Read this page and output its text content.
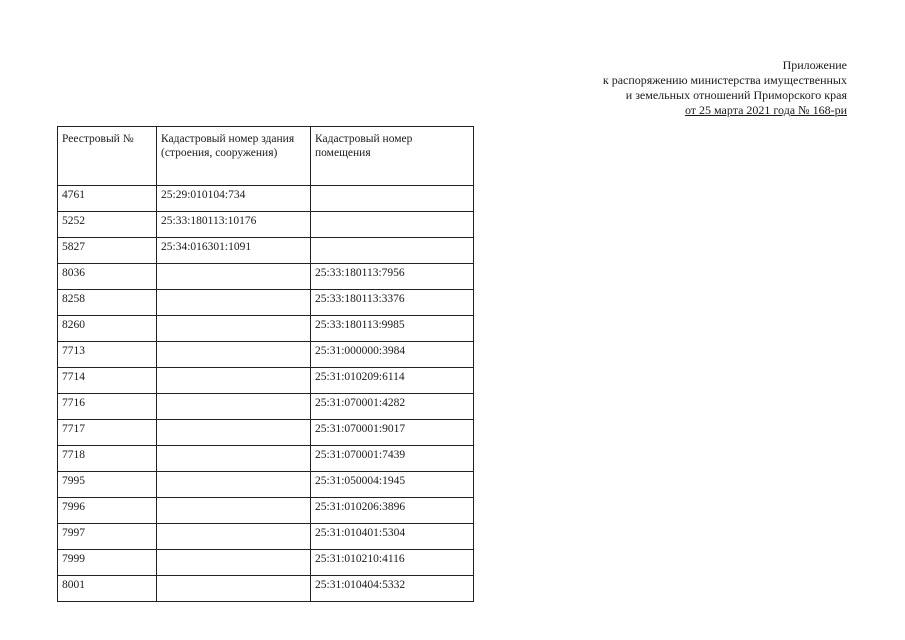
Приложение
к распоряжению министерства имущественных
и земельных отношений Приморского края
от 25 марта 2021 года № 168-ри
Реестровый №	Кадастровый номер здания (строения, сооружения)	Кадастровый номер помещения
4761	25:29:010104:734	
5252	25:33:180113:10176	
5827	25:34:016301:1091	
8036		25:33:180113:7956
8258		25:33:180113:3376
8260		25:33:180113:9985
7713		25:31:000000:3984
7714		25:31:010209:6114
7716		25:31:070001:4282
7717		25:31:070001:9017
7718		25:31:070001:7439
7995		25:31:050004:1945
7996		25:31:010206:3896
7997		25:31:010401:5304
7999		25:31:010210:4116
8001		25:31:010404:5332
